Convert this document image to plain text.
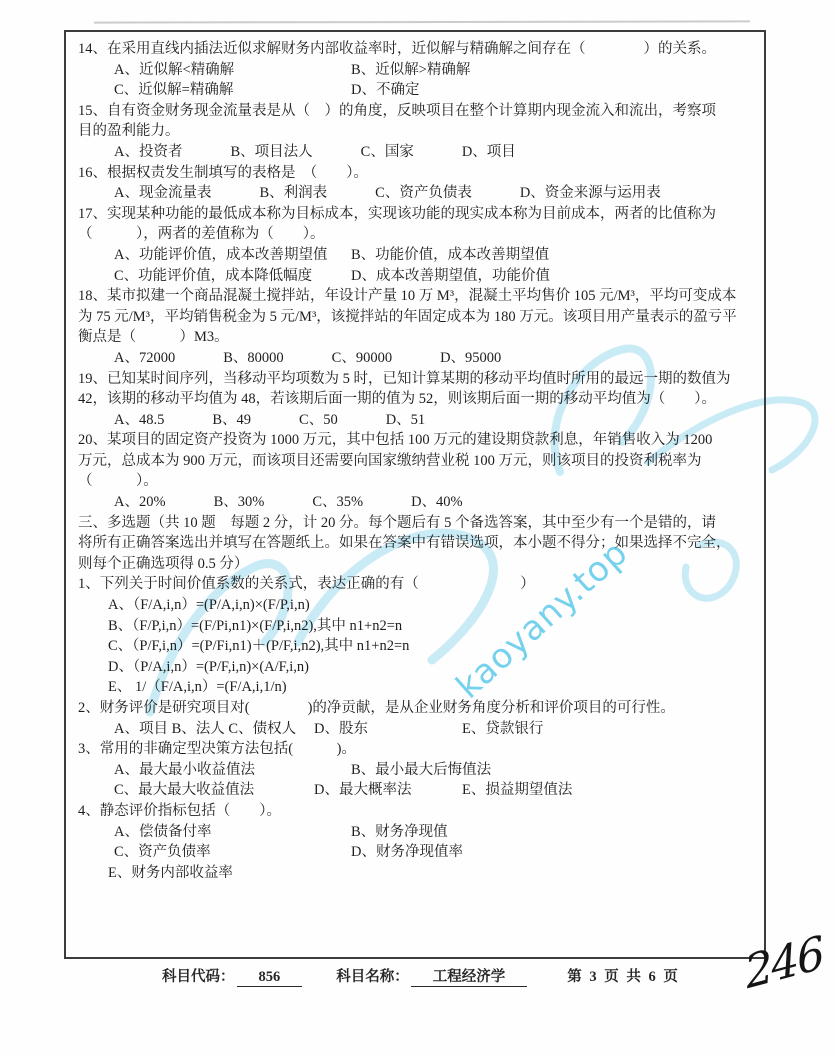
kaoyany.top
14、在采用直线内插法近似求解财务内部收益率时，近似解与精确解之间存在（　　　　）的关系。
A、近似解<精确解	B、近似解>精确解
C、近似解=精确解	D、不确定
15、自有资金财务现金流量表是从（　）的角度，反映项目在整个计算期内现金流入和流出，考察项
目的盈利能力。
A、投资者	B、项目法人	C、国家	D、项目
16、根据权责发生制填写的表格是　（　　）。
A、现金流量表	B、利润表	C、资产负债表	D、资金来源与运用表
17、实现某种功能的最低成本称为目标成本，实现该功能的现实成本称为目前成本，两者的比值称为
（　　　），两者的差值称为（　　）。
A、功能评价值，成本改善期望值 B、功能价值，成本改善期望值
C、功能评价值，成本降低幅度	D、成本改善期望值，功能价值
18、某市拟建一个商品混凝土搅拌站，年设计产量 10 万 M³，混凝土平均售价 105 元/M³，平均可变成本
为 75 元/M³，平均销售税金为 5 元/M³，该搅拌站的年固定成本为 180 万元。该项目用产量表示的盈亏平
衡点是（　　　）M3。
A、72000	B、80000	C、90000	D、95000
19、已知某时间序列，当移动平均项数为 5 时，已知计算某期的移动平均值时所用的最远一期的数值为
42，该期的移动平均值为 48，若该期后面一期的值为 52，则该期后面一期的移动平均值为（　　）。
A、48.5	B、49	C、50	D、51
20、某项目的固定资产投资为 1000 万元，其中包括 100 万元的建设期贷款利息，年销售收入为 1200
万元，总成本为 900 万元，而该项目还需要向国家缴纳营业税 100 万元，则该项目的投资利税率为
（　　　）。
A、20%	B、30%	C、35%	D、40%
三、多选题（共 10 题　每题 2 分，计 20 分。每个题后有 5 个备选答案，其中至少有一个是错的，请
将所有正确答案选出并填写在答题纸上。如果在答案中有错误选项，本小题不得分；如果选择不完全，
则每个正确选项得 0.5 分）
1、下列关于时间价值系数的关系式，表达正确的有（　　　　　　　）
A、（F/A,i,n）=(P/A,i,n)×(F/P,i,n)
B、（F/P,i,n）=(F/Pi,n1)×(F/P,i,n2),其中 n1+n2=n
C、（P/F,i,n）=(P/Fi,n1)＋(P/F,i,n2),其中 n1+n2=n
D、（P/A,i,n）=(P/F,i,n)×(A/F,i,n)
E、 1/（F/A,i,n）=(F/A,i,1/n)
2、财务评价是研究项目对(　　　　)的净贡献，是从企业财务角度分析和评价项目的可行性。
A、项目 B、法人 C、债权人 D、股东	E、贷款银行
3、常用的非确定型决策方法包括(　　　)。
A、最大最小收益值法	B、最小最大后悔值法
C、最大最大收益值法	D、最大概率法	E、损益期望值法
4、静态评价指标包括（　　）。
A、偿债备付率	B、财务净现值
C、资产负债率	D、财务净现值率
E、财务内部收益率
科目代码： 856	科目名称： 工程经济学	第 3 页 共 6 页 246
